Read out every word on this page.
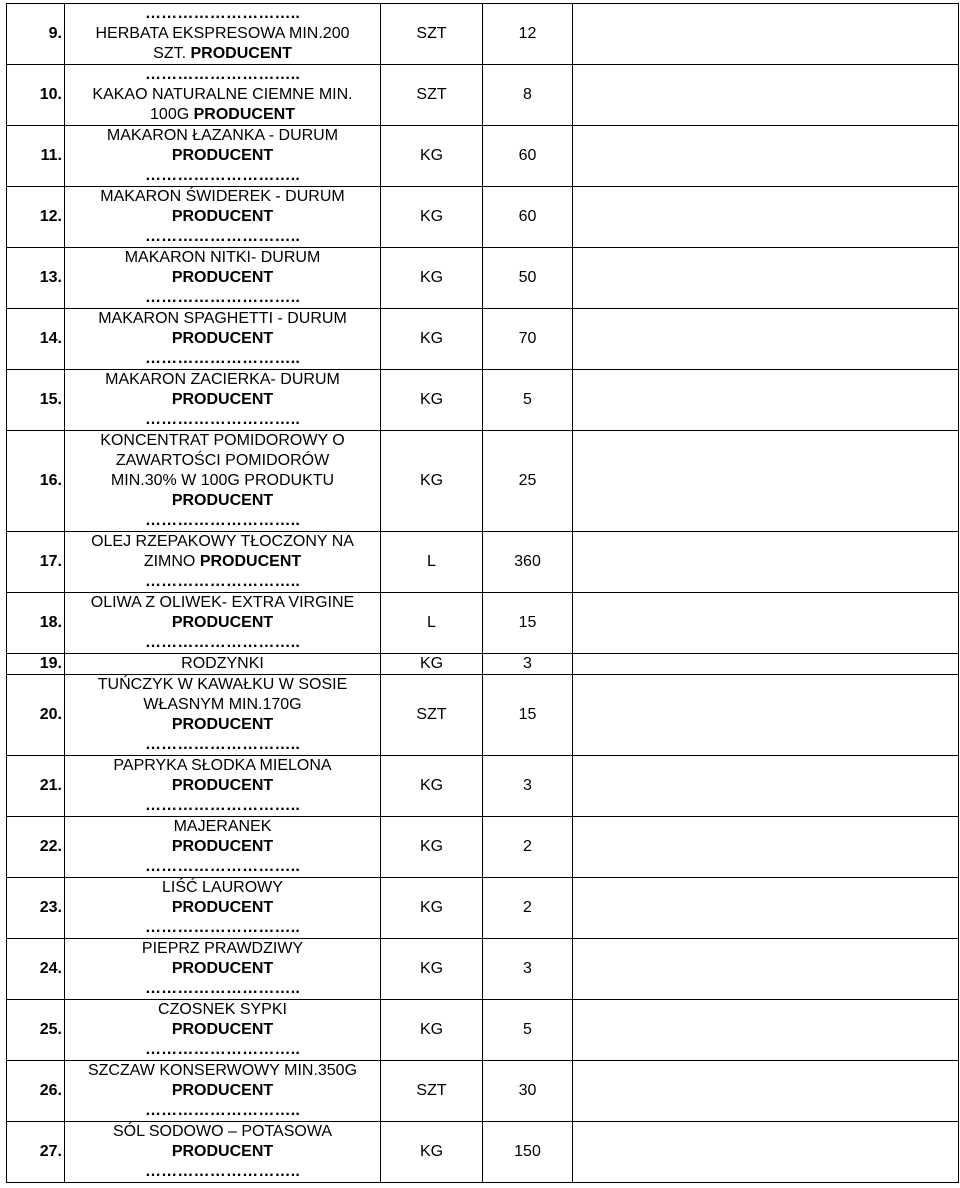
9.	………………………..
HERBATA EKSPRESOWA MIN.200
SZT. PRODUCENT	SZT	12	
10.	………………………..
KAKAO NATURALNE CIEMNE MIN.
100G PRODUCENT	SZT	8	
11.	MAKARON ŁAZANKA - DURUM
PRODUCENT
………………………..	KG	60	
12.	MAKARON ŚWIDEREK - DURUM
PRODUCENT
………………………..	KG	60	
13.	MAKARON NITKI- DURUM
PRODUCENT
………………………..	KG	50	
14.	MAKARON SPAGHETTI - DURUM
PRODUCENT
………………………..	KG	70	
15.	MAKARON ZACIERKA- DURUM
PRODUCENT
………………………..	KG	5	
16.	KONCENTRAT POMIDOROWY O
ZAWARTOŚCI POMIDORÓW
MIN.30% W 100G PRODUKTU
PRODUCENT
………………………..	KG	25	
17.	OLEJ RZEPAKOWY TŁOCZONY NA
ZIMNO PRODUCENT
………………………..	L	360	
18.	OLIWA Z OLIWEK- EXTRA VIRGINE
PRODUCENT
………………………..	L	15	
19.	RODZYNKI	KG	3	
20.	TUŃCZYK W KAWAŁKU W SOSIE
WŁASNYM MIN.170G
PRODUCENT
………………………..	SZT	15	
21.	PAPRYKA SŁODKA MIELONA
PRODUCENT
………………………..	KG	3	
22.	MAJERANEK
PRODUCENT
………………………..	KG	2	
23.	LIŚĆ LAUROWY
PRODUCENT
………………………..	KG	2	
24.	PIEPRZ PRAWDZIWY
PRODUCENT
………………………..	KG	3	
25.	CZOSNEK SYPKI
PRODUCENT
………………………..	KG	5	
26.	SZCZAW KONSERWOWY MIN.350G
PRODUCENT
………………………..	SZT	30	
27.	SÓL SODOWO – POTASOWA
PRODUCENT
………………………..	KG	150	
